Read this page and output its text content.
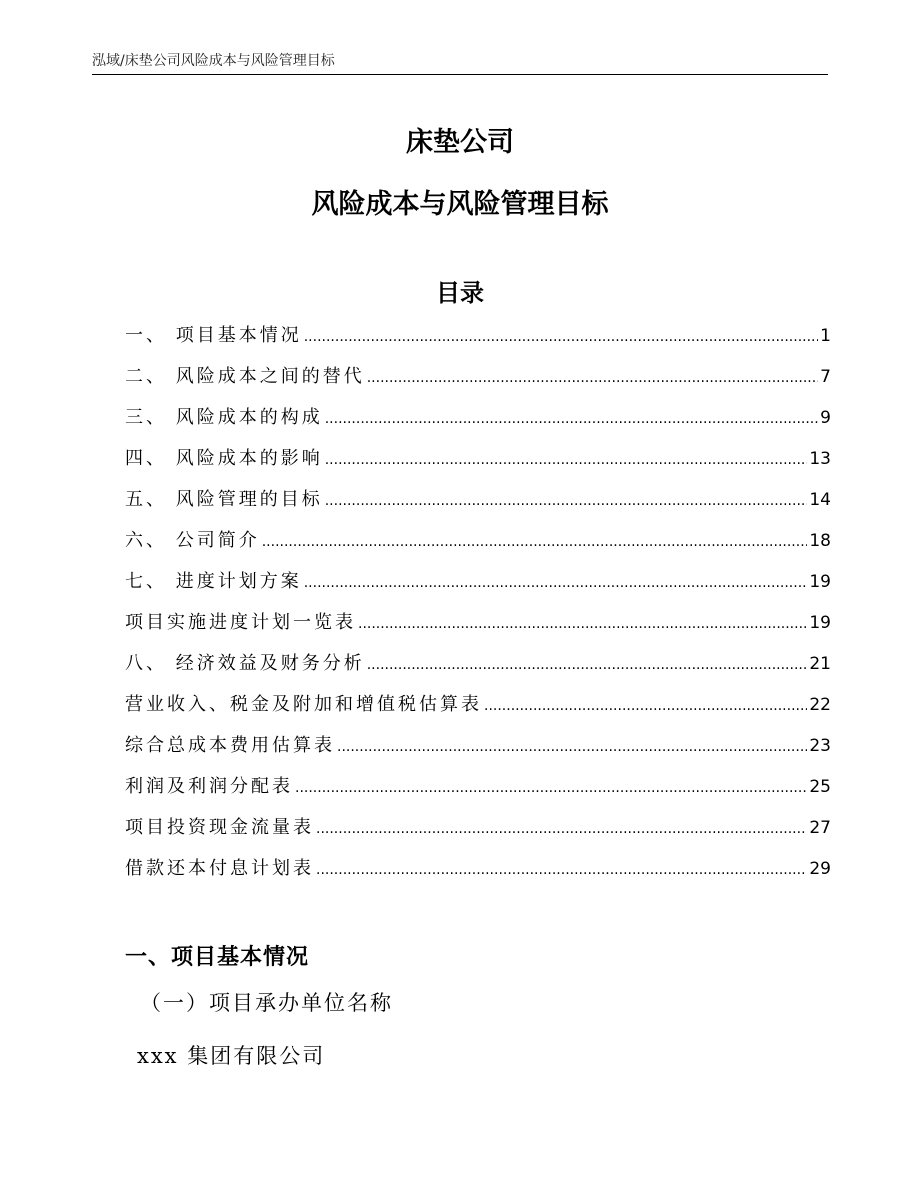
泓域/床垫公司风险成本与风险管理目标
床垫公司
风险成本与风险管理目标
目录
一、 项目基本情况 .....	1
二、 风险成本之间的替代 .....	7
三、 风险成本的构成 .....	9
四、 风险成本的影响 .....	13
五、 风险管理的目标 .....	14
六、 公司简介 .....	18
七、 进度计划方案 .....	19
项目实施进度计划一览表 .....	19
八、 经济效益及财务分析 .....	21
营业收入、税金及附加和增值税估算表 .....	22
综合总成本费用估算表 .....	23
利润及利润分配表 .....	25
项目投资现金流量表 .....	27
借款还本付息计划表 .....	29
一、项目基本情况
（一）项目承办单位名称
xxx 集团有限公司
